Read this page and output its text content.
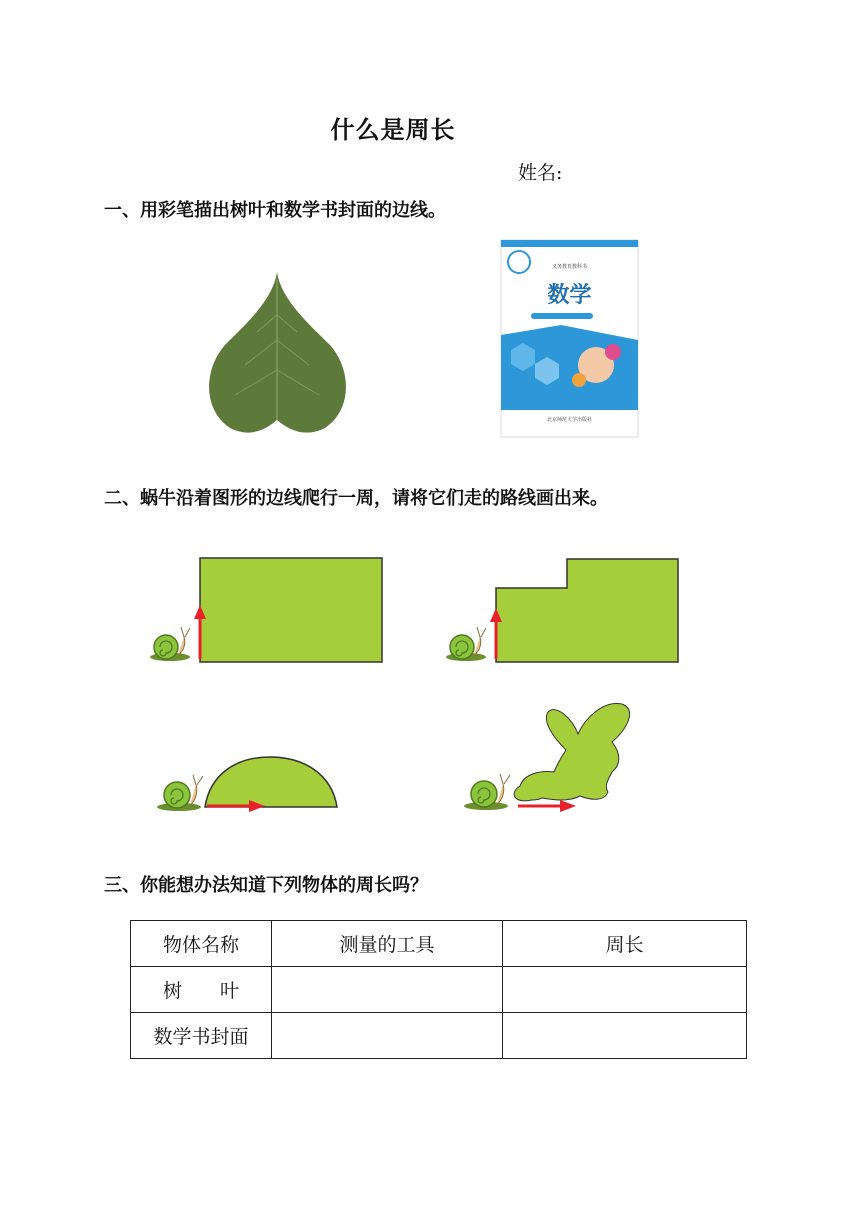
什么是周长
姓名:
一、用彩笔描出树叶和数学书封面的边线。
义务教育教科书
数学
SHUXUE
北京师范大学出版社
二、蜗牛沿着图形的边线爬行一周，请将它们走的路线画出来。
三、你能想办法知道下列物体的周长吗？
物体名称	测量的工具	周长
树　　叶		
数学书封面		
